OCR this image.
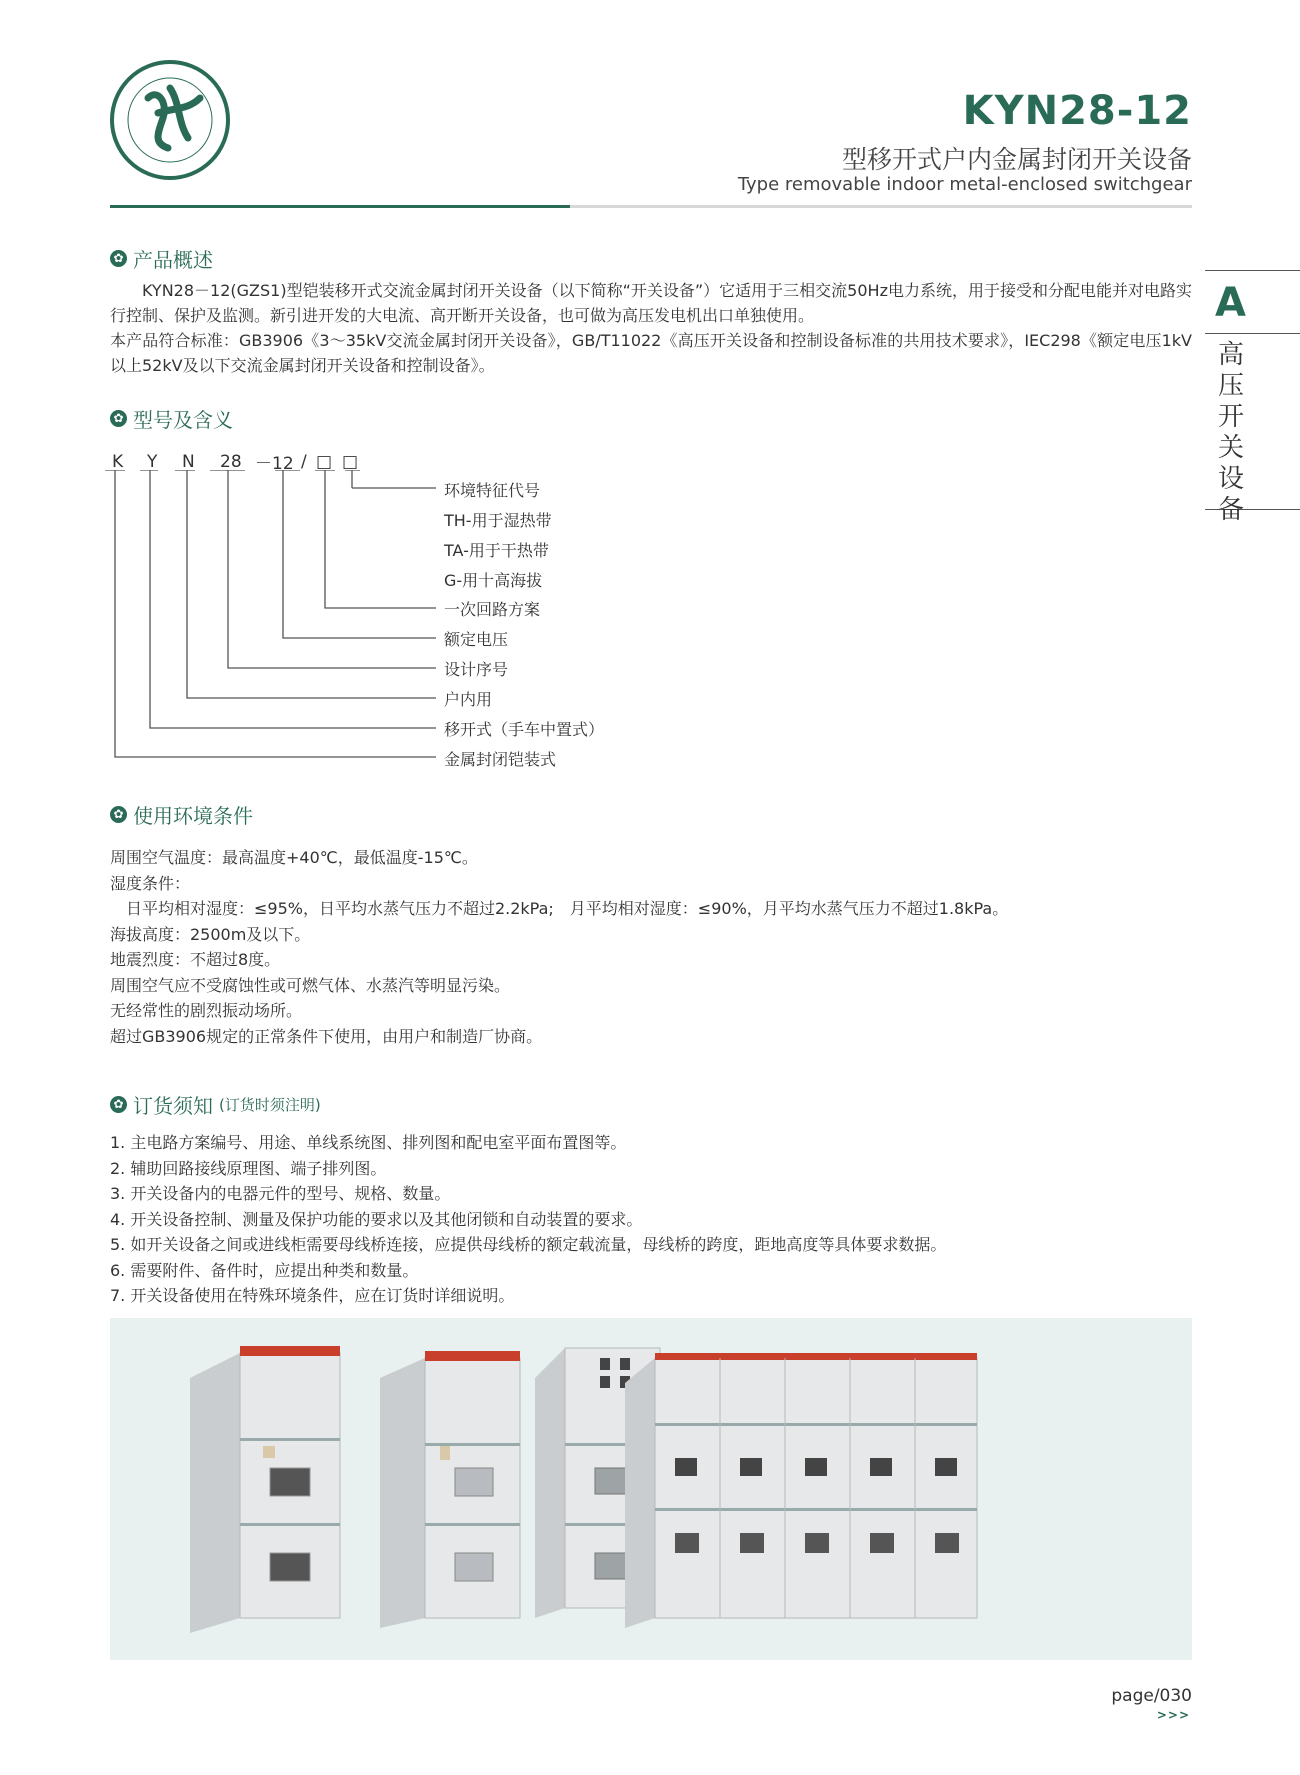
KYN28-12
型移开式户内金属封闭开关设备
Type removable indoor metal-enclosed switchgear
A
高压开关设备
✿ 产品概述
KYN28－12(GZS1)型铠装移开式交流金属封闭开关设备（以下简称“开关设备”）它适用于三相交流50Hz电力系统，用于接受和分配电能并对电路实行控制、保护及监测。新引进开发的大电流、高开断开关设备，也可做为高压发电机出口单独使用。
本产品符合标准：GB3906《3～35kV交流金属封闭开关设备》，GB/T11022《高压开关设备和控制设备标准的共用技术要求》，IEC298《额定电压1kV以上52kV及以下交流金属封闭开关设备和控制设备》。
✿ 型号及含义
K Y N 28 －12 / □ □
环境特征代号
TH-用于湿热带
TA-用于干热带
G-用十高海拔
一次回路方案
额定电压
设计序号
户内用
移开式（手车中置式）
金属封闭铠装式
✿ 使用环境条件
周围空气温度：最高温度+40℃，最低温度-15℃。
湿度条件：
　日平均相对湿度：≤95%，日平均水蒸气压力不超过2.2kPa;　月平均相对湿度：≤90%，月平均水蒸气压力不超过1.8kPa。
海拔高度：2500m及以下。
地震烈度：不超过8度。
周围空气应不受腐蚀性或可燃气体、水蒸汽等明显污染。
无经常性的剧烈振动场所。
超过GB3906规定的正常条件下使用，由用户和制造厂协商。
✿ 订货须知 (订货时须注明)
1. 主电路方案编号、用途、单线系统图、排列图和配电室平面布置图等。
2. 辅助回路接线原理图、端子排列图。
3. 开关设备内的电器元件的型号、规格、数量。
4. 开关设备控制、测量及保护功能的要求以及其他闭锁和自动装置的要求。
5. 如开关设备之间或进线柜需要母线桥连接，应提供母线桥的额定载流量，母线桥的跨度，距地高度等具体要求数据。
6. 需要附件、备件时，应提出种类和数量。
7. 开关设备使用在特殊环境条件，应在订货时详细说明。
page/030
>>>
